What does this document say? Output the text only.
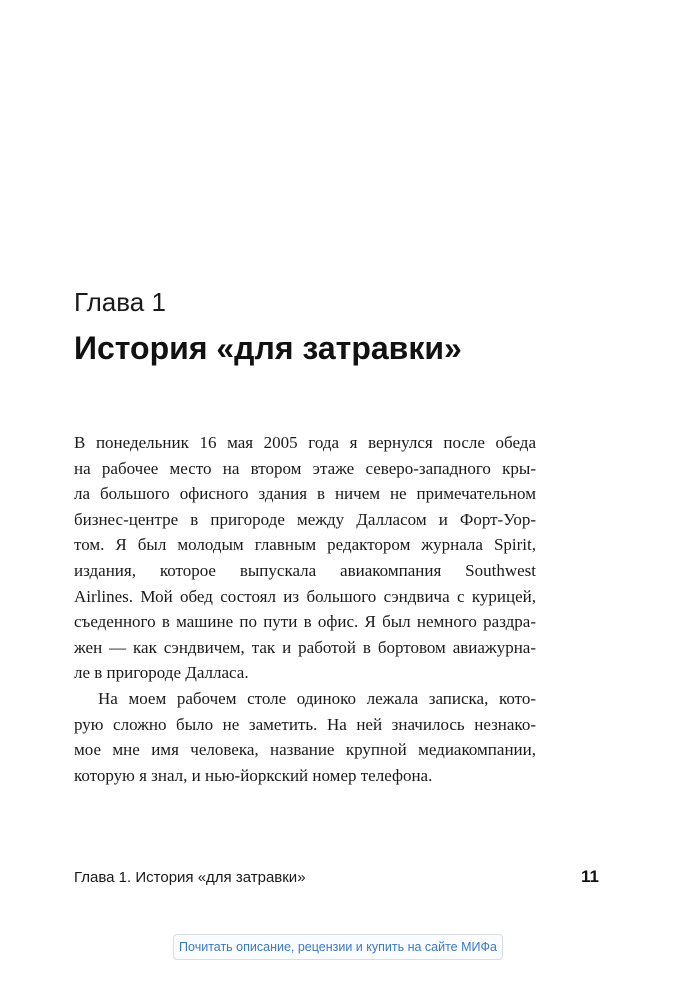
Глава 1
История «для затравки»
В понедельник 16 мая 2005 года я вернулся после обеда
на рабочее место на втором этаже северо-западного кры-
ла большого офисного здания в ничем не примечательном
бизнес-центре в пригороде между Далласом и Форт-Уор-
том. Я был молодым главным редактором журнала Spirit,
издания, которое выпускала авиакомпания Southwest
Airlines. Мой обед состоял из большого сэндвича с курицей,
съеденного в машине по пути в офис. Я был немного раздра-
жен — как сэндвичем, так и работой в бортовом авиажурна-
ле в пригороде Далласа.
На моем рабочем столе одиноко лежала записка, кото-
рую сложно было не заметить. На ней значилось незнако-
мое мне имя человека, название крупной медиакомпании,
которую я знал, и нью-йоркский номер телефона.
Глава 1. История «для затравки»	11
Почитать описание, рецензии и купить на сайте МИФа
